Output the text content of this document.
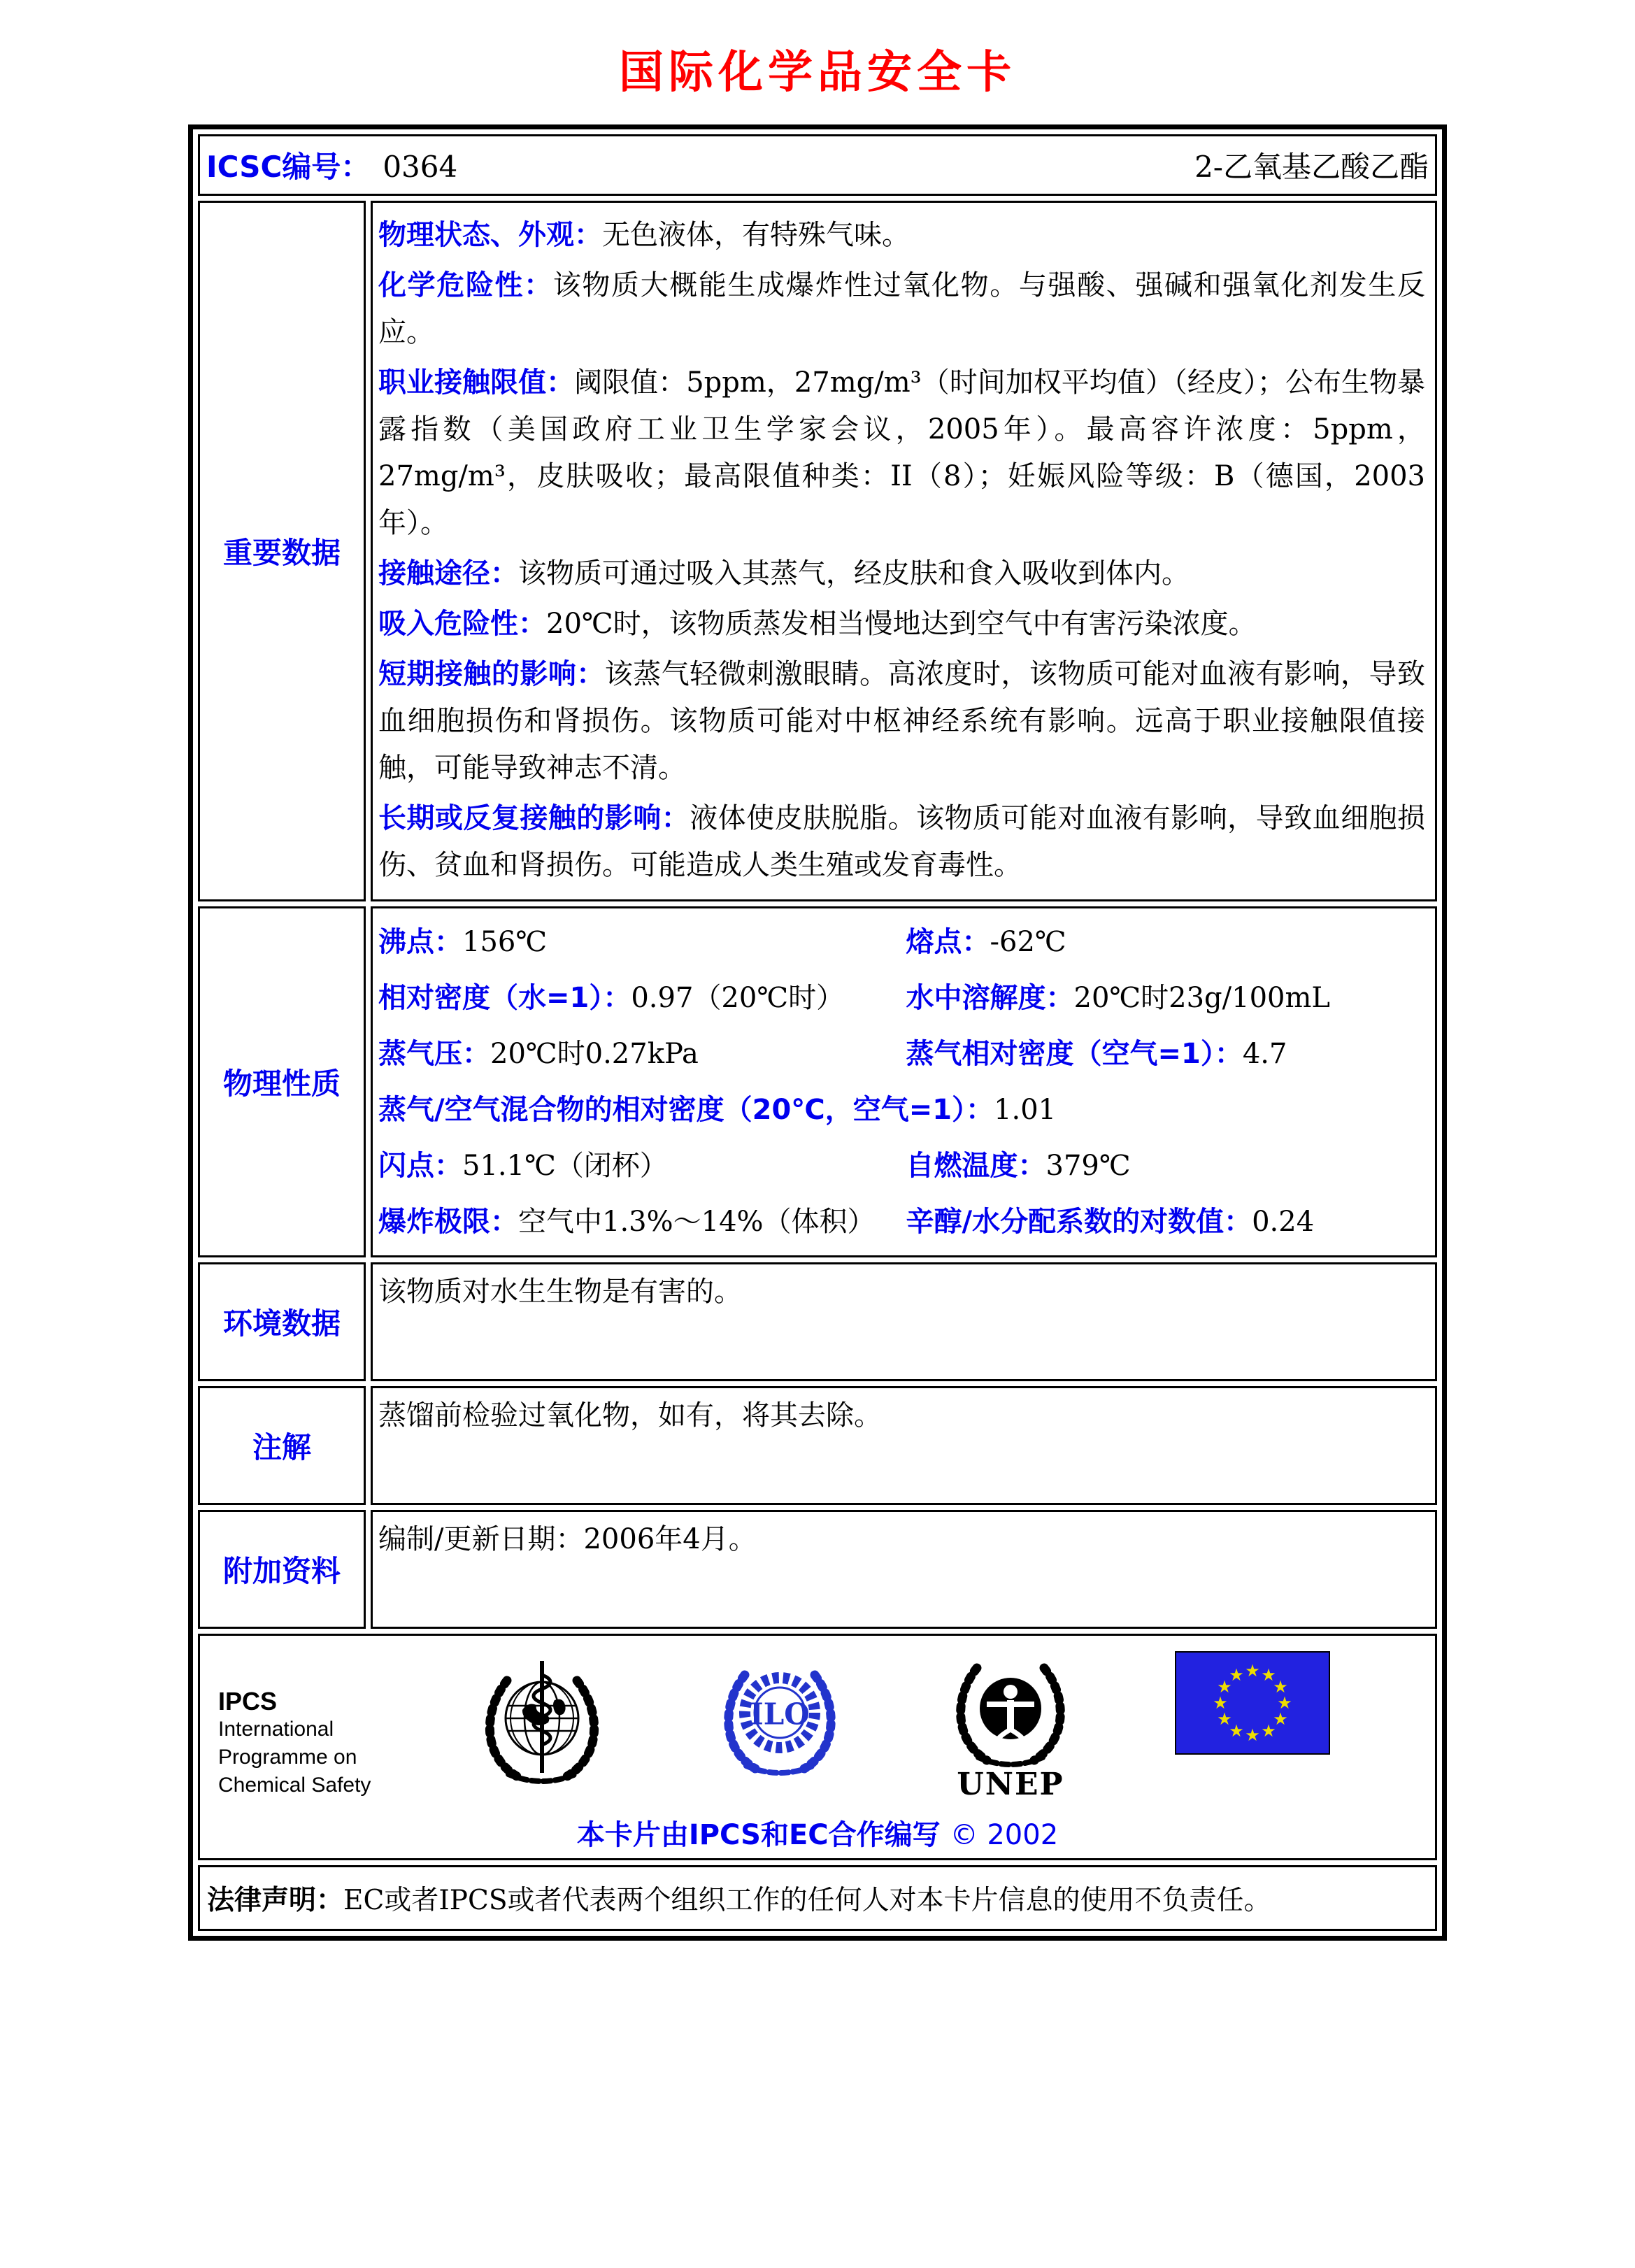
国际化学品安全卡
ICSC编号： 0364 2-乙氧基乙酸乙酯	

重要数据	

物理状态、外观：无色液体，有特殊气味。

化学危险性：该物质大概能生成爆炸性过氧化物。与强酸、强碱和强氧化剂发生反应。

职业接触限值：阈限值：5ppm，27mg/m³（时间加权平均值）（经皮）；公布生物暴露指数（美国政府工业卫生学家会议，2005年）。最高容许浓度：5ppm，27mg/m³，皮肤吸收；最高限值种类：II（8）；妊娠风险等级：B（德国，2003年）。

接触途径：该物质可通过吸入其蒸气，经皮肤和食入吸收到体内。

吸入危险性：20℃时，该物质蒸发相当慢地达到空气中有害污染浓度。

短期接触的影响：该蒸气轻微刺激眼睛。高浓度时，该物质可能对血液有影响，导致血细胞损伤和肾损伤。该物质可能对中枢神经系统有影响。远高于职业接触限值接触，可能导致神志不清。

长期或反复接触的影响：液体使皮肤脱脂。该物质可能对血液有影响，导致血细胞损伤、贫血和肾损伤。可能造成人类生殖或发育毒性。

物理性质	
沸点：156℃	熔点：-62℃
相对密度（水=1）：0.97（20℃时）	水中溶解度：20℃时23g/100mL
蒸气压：20℃时0.27kPa	蒸气相对密度（空气=1）：4.7
蒸气/空气混合物的相对密度（20℃，空气=1）：1.01
闪点：51.1℃（闭杯）	自燃温度：379℃
爆炸极限：空气中1.3%～14%（体积）	辛醇/水分配系数的对数值：0.24

环境数据	该物质对水生生物是有害的。

注解	蒸馏前检验过氧化物，如有，将其去除。

附加资料	编制/更新日期：2006年4月。

IPCS
International
Programme on
Chemical Safety
ILO
UNEP
★ ★
★
★
★
★
★
★
★
★
★
★
本卡片由IPCS和EC合作编写 © 2002

法律声明：EC或者IPCS或者代表两个组织工作的任何人对本卡片信息的使用不负责任。	
